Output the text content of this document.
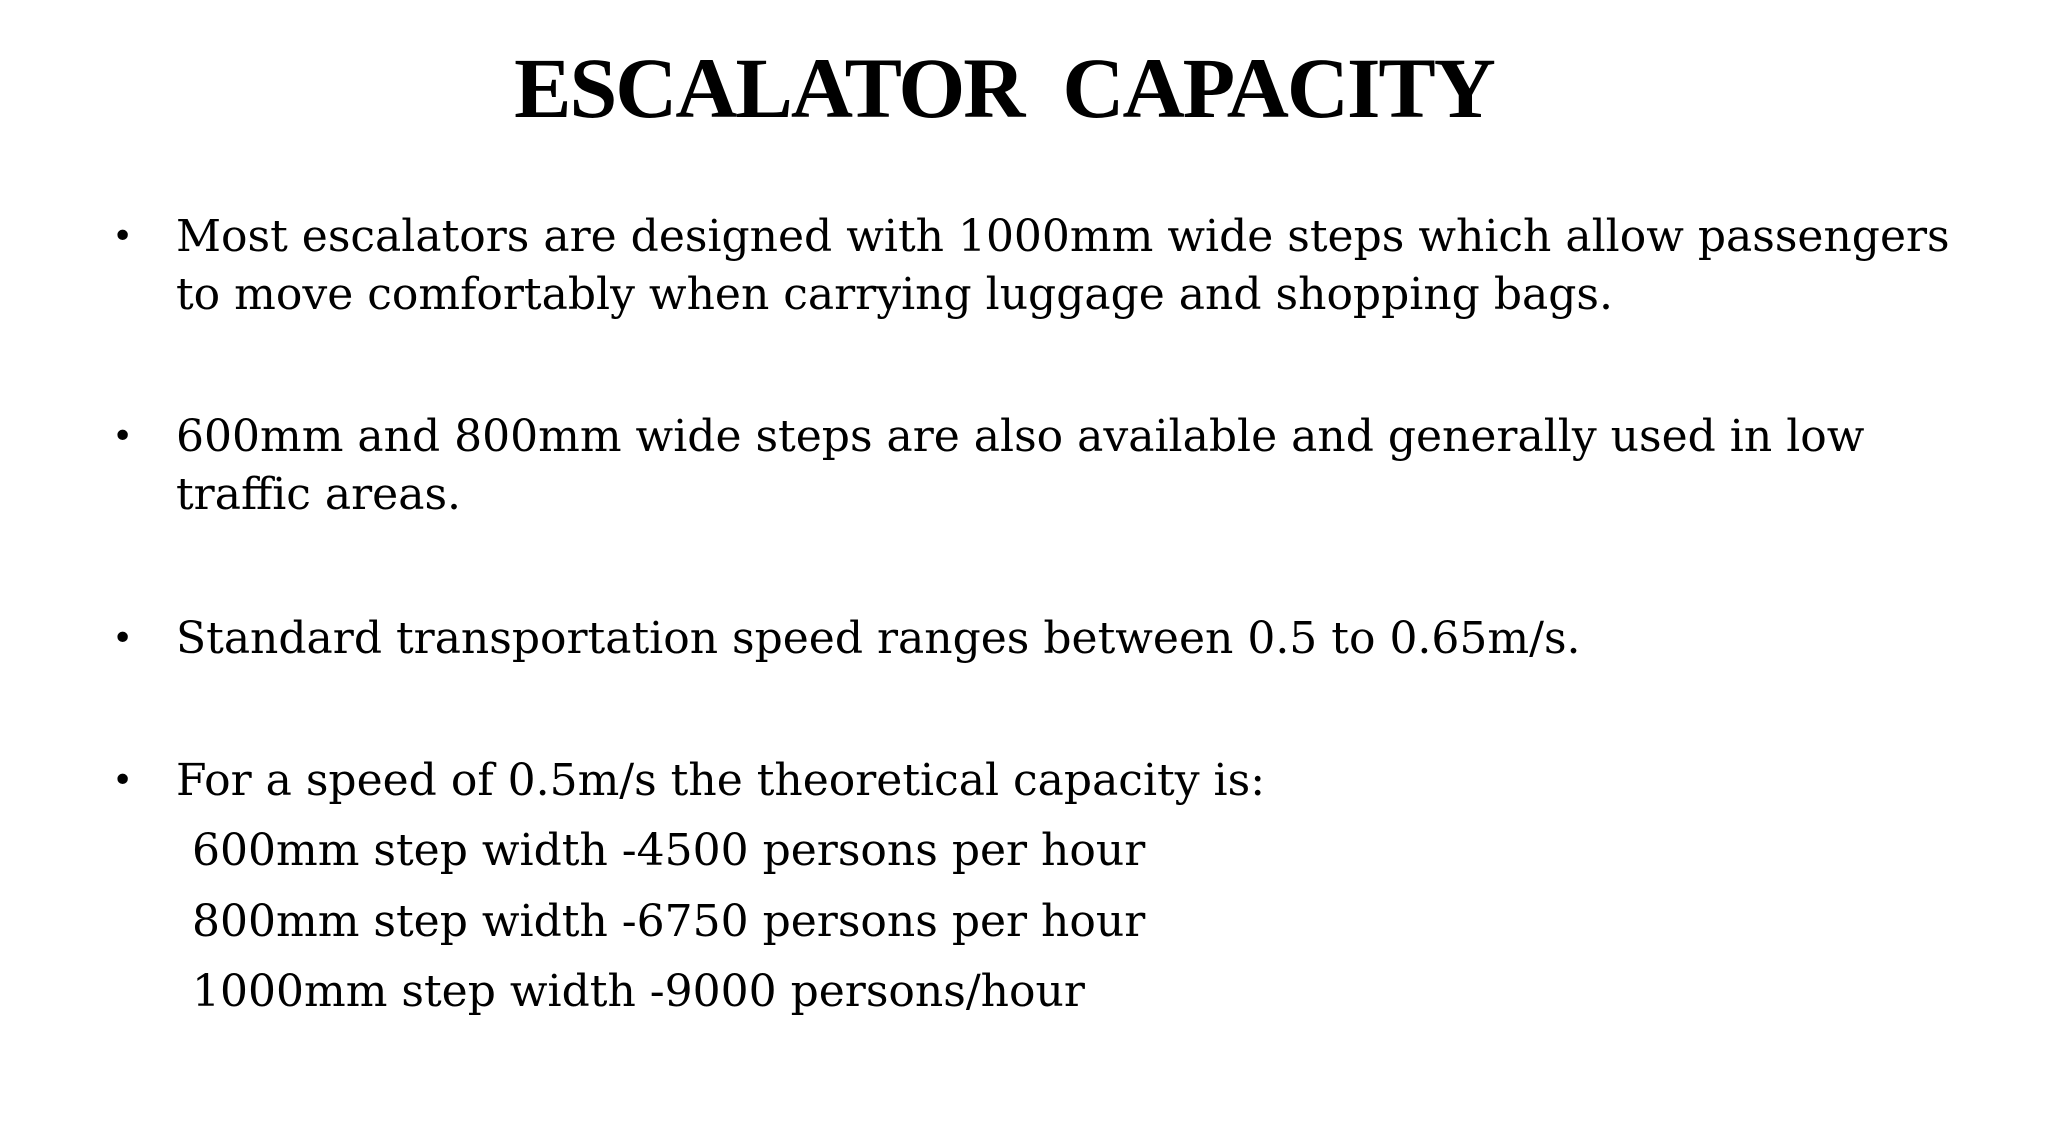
ESCALATOR  CAPACITY
• Most escalators are designed with 1000mm wide steps which allow passengers to move comfortably when carrying luggage and shopping bags.
• 600mm and 800mm wide steps are also available and generally used in low traffic areas.
• Standard transportation speed ranges between 0.5 to 0.65m/s.
• For a speed of 0.5m/s the theoretical capacity is:
600mm step width -4500 persons per hour
800mm step width -6750 persons per hour
1000mm step width -9000 persons/hour
